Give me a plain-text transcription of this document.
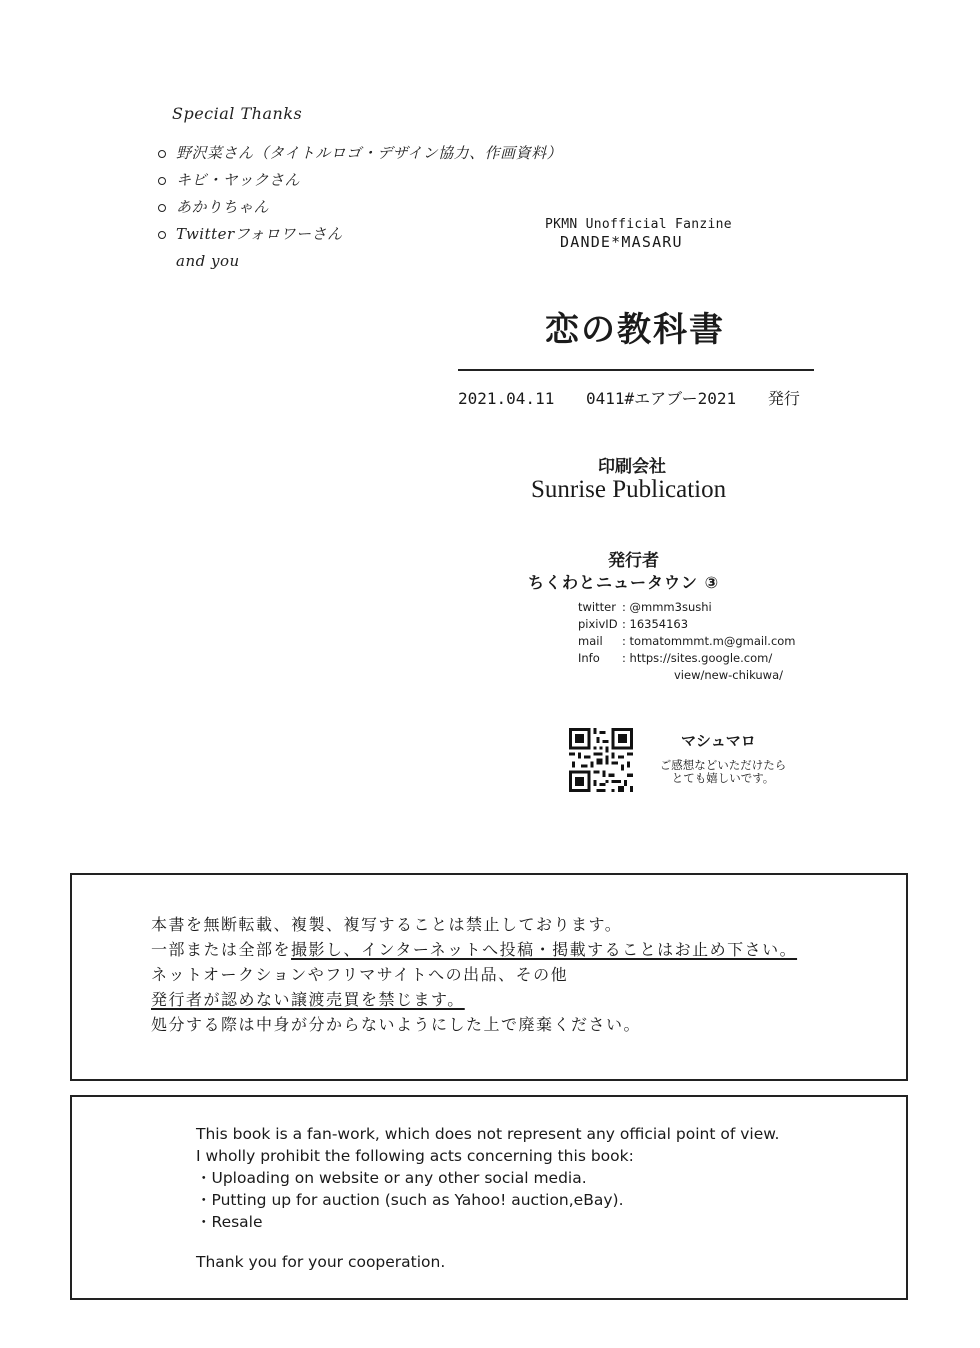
Special Thanks
野沢菜さん（タイトルロゴ・デザイン協力、作画資料）
キビ・ヤックさん
あかりちゃん
Twitterフォロワーさん
and you
PKMN Unofficial Fanzine
DANDE*MASARU
恋の教科書
2021.04.11 0411#エアブー2021 発行
印刷会社
Sunrise Publication
発行者
ちくわとニュータウン ③
twitter : @mmm3sushi
pixivID : 16354163
mail	: tomatommmt.m@gmail.com
Info	: https://sites.google.com/
view/new-chikuwa/
マシュマロ
ご感想などいただけたら
とても嬉しいです。
本書を無断転載、複製、複写することは禁止しております。
一部または全部を撮影し、インターネットへ投稿・掲載することはお止め下さい。
ネットオークションやフリマサイトへの出品、その他
発行者が認めない譲渡売買を禁じます。
処分する際は中身が分からないようにした上で廃棄ください。
This book is a fan-work, which does not represent any official point of view.
I wholly prohibit the following acts concerning this book:
・Uploading on website or any other social media.
・Putting up for auction (such as Yahoo! auction,eBay).
・Resale
Thank you for your cooperation.
